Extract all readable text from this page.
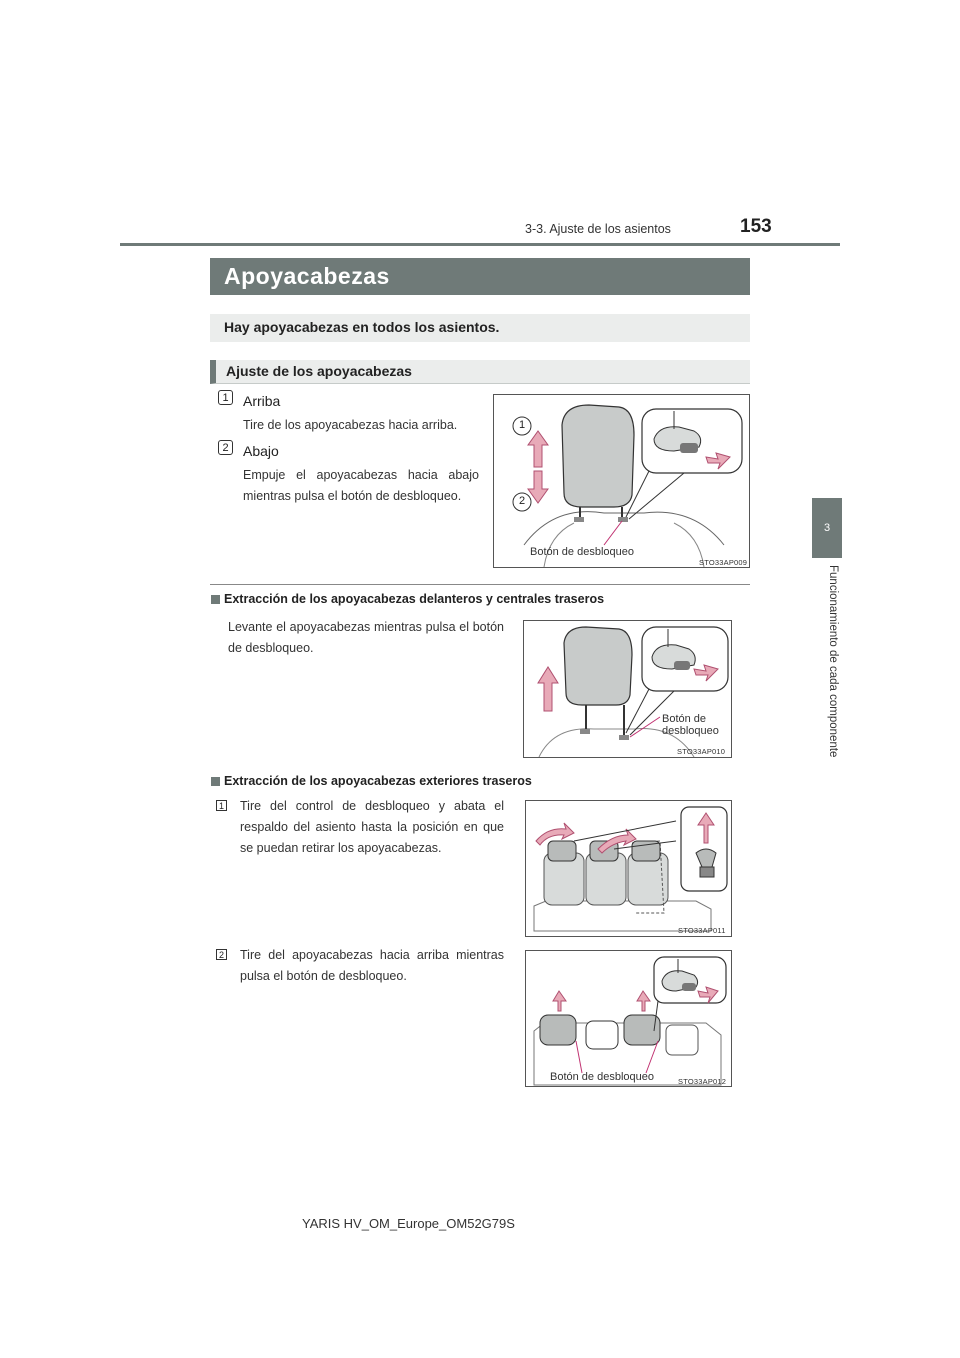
3-3. Ajuste de los asientos	153
3
Funcionamiento de cada componente
Apoyacabezas
Hay apoyacabezas en todos los asientos.
Ajuste de los apoyacabezas
1	Arriba
Tire de los apoyacabezas hacia arriba.
2	Abajo
Empuje el apoyacabezas hacia abajo mientras pulsa el botón de desbloqueo.
1
2
Botón de desbloqueo
STO33AP009
Extracción de los apoyacabezas delanteros y centrales traseros
Levante el apoyacabezas mientras pulsa el botón de desbloqueo.
Botón de
desbloqueo
STO33AP010
Extracción de los apoyacabezas exteriores traseros
1 Tire del control de desbloqueo y abata el respaldo del asiento hasta la posición en que se puedan retirar los apoyacabezas.
STO33AP011
2 Tire del apoyacabezas hacia arriba mientras pulsa el botón de desbloqueo.
Botón de desbloqueo	STO33AP012
YARIS HV_OM_Europe_OM52G79S
